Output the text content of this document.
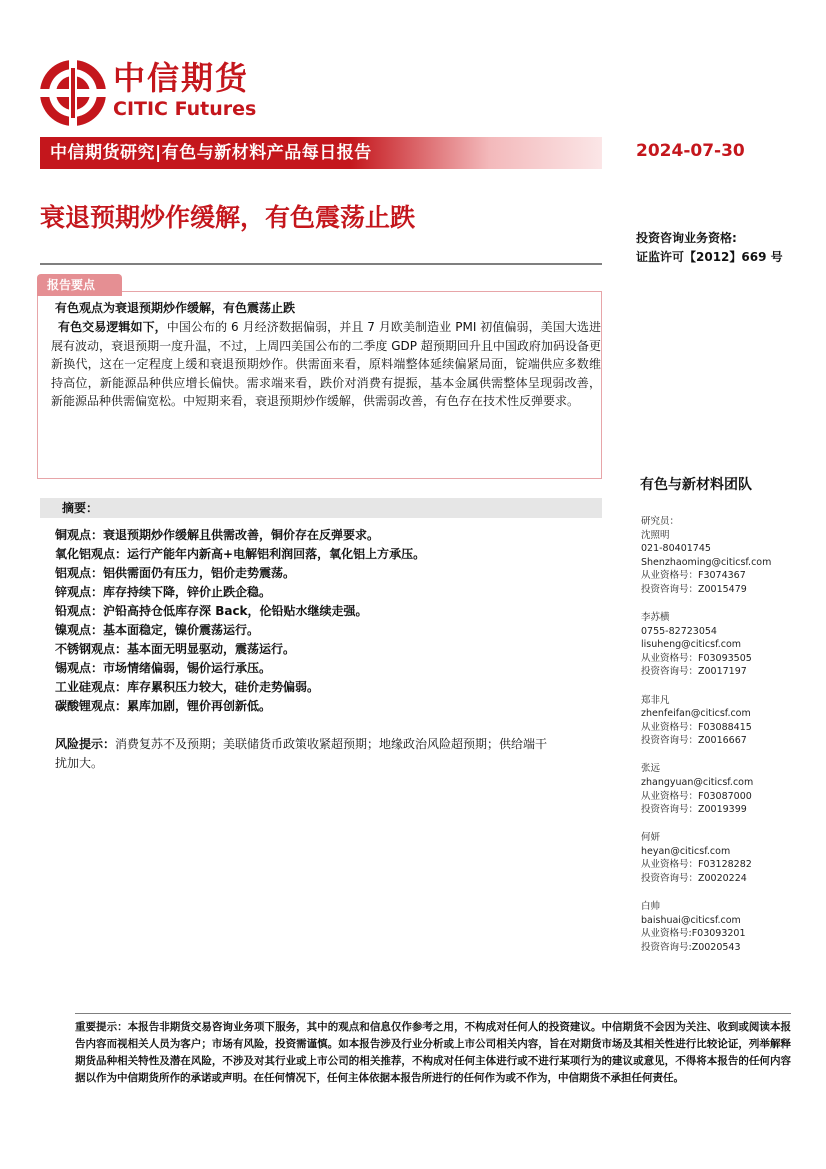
中信期货
CITIC Futures
中信期货研究|有色与新材料产品每日报告	2024-07-30
衰退预期炒作缓解，有色震荡止跌
投资咨询业务资格:
证监许可【2012】669 号
报告要点
有色观点为衰退预期炒作缓解，有色震荡止跌
有色交易逻辑如下，中国公布的 6 月经济数据偏弱，并且 7 月欧美制造业 PMI 初值偏弱，美国大选进展有波动，衰退预期一度升温，不过，上周四美国公布的二季度 GDP 超预期回升且中国政府加码设备更新换代，这在一定程度上缓和衰退预期炒作。供需面来看，原料端整体延续偏紧局面，锭端供应多数维持高位，新能源品种供应增长偏快。需求端来看，跌价对消费有提振，基本金属供需整体呈现弱改善，新能源品种供需偏宽松。中短期来看，衰退预期炒作缓解，供需弱改善，有色存在技术性反弹要求。
摘要：
铜观点：衰退预期炒作缓解且供需改善，铜价存在反弹要求。
氧化铝观点：运行产能年内新高+电解铝利润回落，氧化铝上方承压。
铝观点：铝供需面仍有压力，铝价走势震荡。
锌观点：库存持续下降，锌价止跌企稳。
铅观点：沪铅高持仓低库存深 Back，伦铅贴水继续走强。
镍观点：基本面稳定，镍价震荡运行。
不锈钢观点：基本面无明显驱动，震荡运行。
锡观点：市场情绪偏弱，锡价运行承压。
工业硅观点：库存累积压力较大，硅价走势偏弱。
碳酸锂观点：累库加剧，锂价再创新低。
风险提示：消费复苏不及预期；美联储货币政策收紧超预期；地缘政治风险超预期；供给端干扰加大。
有色与新材料团队
研究员：
沈照明
021-80401745
Shenzhaoming@citicsf.com
从业资格号：F3074367
投资咨询号：Z0015479
李苏横
0755-82723054
lisuheng@citicsf.com
从业资格号：F03093505
投资咨询号：Z0017197
郑非凡
zhenfeifan@citicsf.com
从业资格号：F03088415
投资咨询号：Z0016667
张远
zhangyuan@citicsf.com
从业资格号：F03087000
投资咨询号：Z0019399
何妍
heyan@citicsf.com
从业资格号：F03128282
投资咨询号：Z0020224
白帅
baishuai@citicsf.com
从业资格号:F03093201
投资咨询号:Z0020543
重要提示：本报告非期货交易咨询业务项下服务，其中的观点和信息仅作参考之用，不构成对任何人的投资建议。中信期货不会因为关注、收到或阅读本报告内容而视相关人员为客户；市场有风险，投资需谨慎。如本报告涉及行业分析或上市公司相关内容，旨在对期货市场及其相关性进行比较论证，列举解释期货品种相关特性及潜在风险，不涉及对其行业或上市公司的相关推荐，不构成对任何主体进行或不进行某项行为的建议或意见，不得将本报告的任何内容据以作为中信期货所作的承诺或声明。在任何情况下，任何主体依据本报告所进行的任何作为或不作为，中信期货不承担任何责任。
